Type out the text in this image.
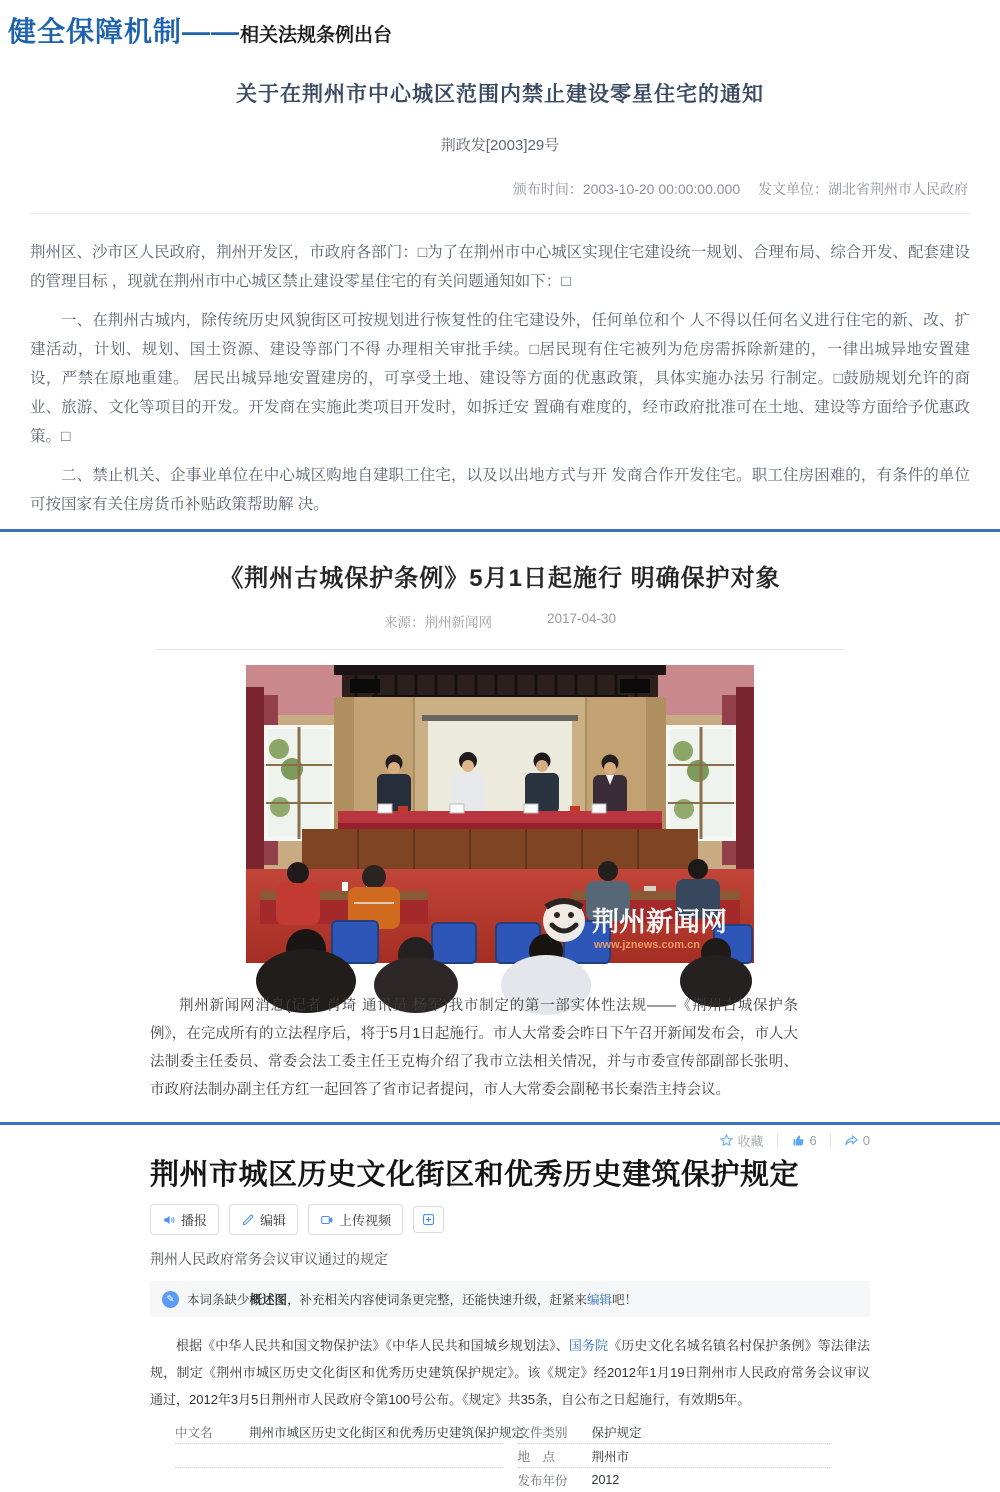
健全保障机制—— 相关法规条例出台
关于在荆州市中心城区范围内禁止建设零星住宅的通知
荆政发[2003]29号
颁布时间：2003-10-20 00:00:00.000 发文单位：湖北省荆州市人民政府

荆州区、沙市区人民政府，荆州开发区，市政府各部门：□为了在荆州市中心城区实现住宅建设统一规划、合理布局、综合开发、配套建设的管理目标 ，现就在荆州市中心城区禁止建设零星住宅的有关问题通知如下：□

一、在荆州古城内，除传统历史风貌街区可按规划进行恢复性的住宅建设外，任何单位和个 人不得以任何名义进行住宅的新、改、扩建活动，计划、规划、国土资源、建设等部门不得 办理相关审批手续。□居民现有住宅被列为危房需拆除新建的，一律出城异地安置建设，严禁在原地重建。 居民出城异地安置建房的，可享受土地、建设等方面的优惠政策，具体实施办法另 行制定。□鼓励规划允许的商业、旅游、文化等项目的开发。开发商在实施此类项目开发时，如拆迁安 置确有难度的，经市政府批准可在土地、建设等方面给予优惠政策。□

二、禁止机关、企事业单位在中心城区购地自建职工住宅，以及以出地方式与开 发商合作开发住宅。职工住房困难的，有条件的单位可按国家有关住房货币补贴政策帮助解 决。

《荆州古城保护条例》5月1日起施行 明确保护对象
来源：荆州新闻网	2017-04-30
荆州新闻网
www.jznews.com.cn

荆州新闻网消息(记者 肖琦 通讯员 杨军)我市制定的第一部实体性法规——《荆州古城保护条例》，在完成所有的立法程序后，将于5月1日起施行。市人大常委会昨日下午召开新闻发布会，市人大法制委主任委员、常委会法工委主任王克梅介绍了我市立法相关情况，并与市委宣传部副部长张明、市政府法制办副主任方红一起回答了省市记者提问，市人大常委会副秘书长秦浩主持会议。

收藏	6	0
荆州市城区历史文化街区和优秀历史建筑保护规定
播报	编辑	上传视频
荆州人民政府常务会议审议通过的规定
✎ 本词条缺少概述图，补充相关内容使词条更完整，还能快速升级，赶紧来编辑吧！

根据《中华人民共和国文物保护法》《中华人民共和国城乡规划法》、国务院《历史文化名城名镇名村保护条例》等法律法规，制定《荆州市城区历史文化街区和优秀历史建筑保护规定》。该《规定》经2012年1月19日荆州市人民政府常务会议审议通过，2012年3月5日荆州市人民政府令第100号公布。《规定》共35条，自公布之日起施行，有效期5年。

中文名	荆州市城区历史文化街区和优秀历史建筑保护规定
文件类别	保护规定
地　点	荆州市
发布年份	2012
